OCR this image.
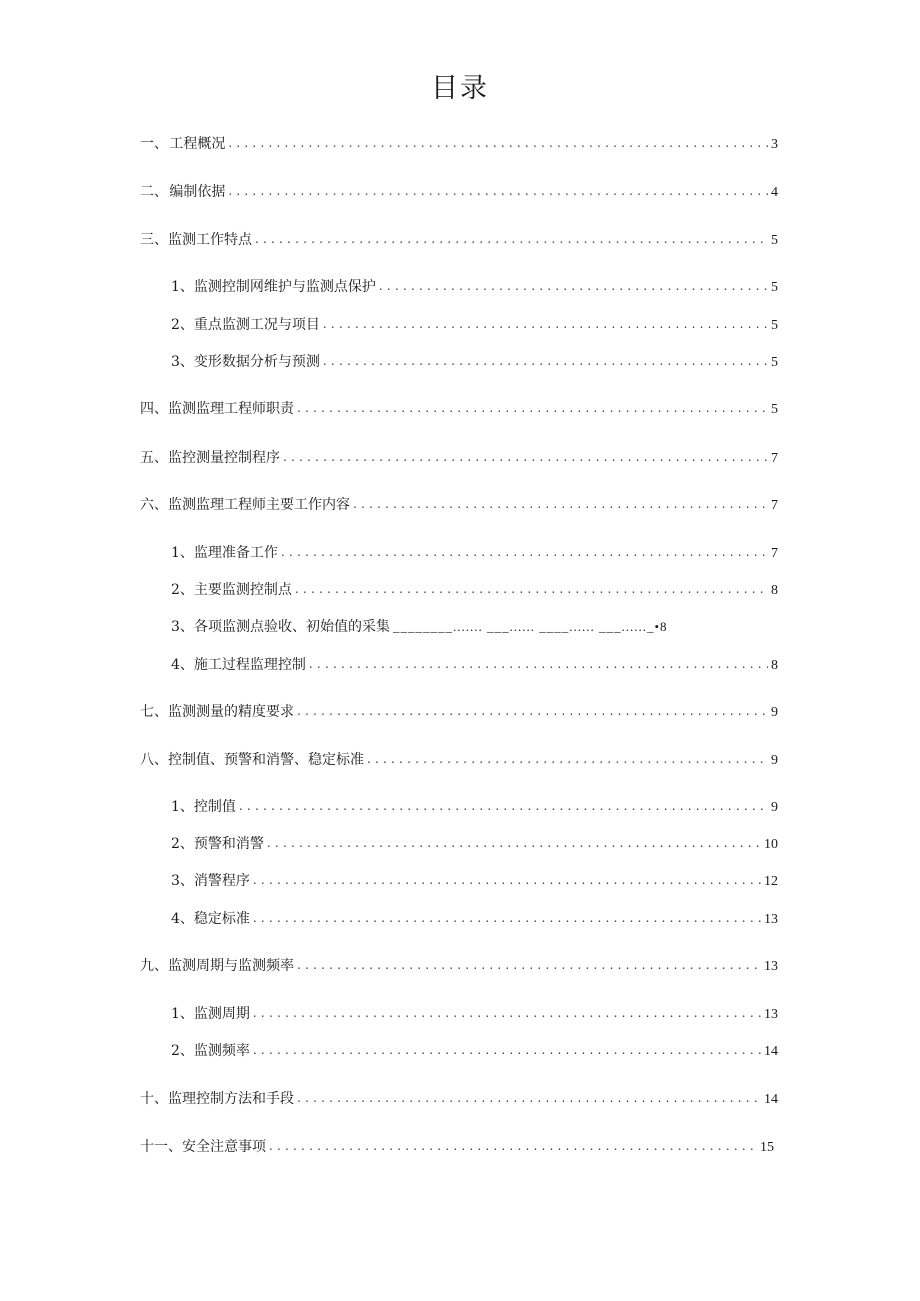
目录
一、 工程概况 .....	3
二、 编制依据 .....	4
三、 监测工作特点 .....	5
1、 监测控制网维护与监测点保护 .....	5
2、 重点监测工况与项目 .....	5
3、 变形数据分析与预测 .....	5
四、 监测监理工程师职责 .....	5
五、 监控测量控制程序 .....	7
六、 监测监理工程师主要工作内容 .....	7
1、 监理准备工作 .....	7
2、 主要监测控制点 .....	8
3、 各项监测点验收、初始值的采集 ________....... ___...... ____...... ___......_•8
4、 施工过程监理控制 .....	8
七、 监测测量的精度要求 .....	9
八、 控制值、预警和消警、稳定标准 .....	9
1、 控制值 .....	9
2、 预警和消警 .....	10
3、 消警程序 .....	12
4、 稳定标准 .....	13
九、 监测周期与监测频率 .....	13
1、 监测周期 .....	13
2、 监测频率 .....	14
十、 监理控制方法和手段 .....	14
十一、 安全注意事项 .....	15
